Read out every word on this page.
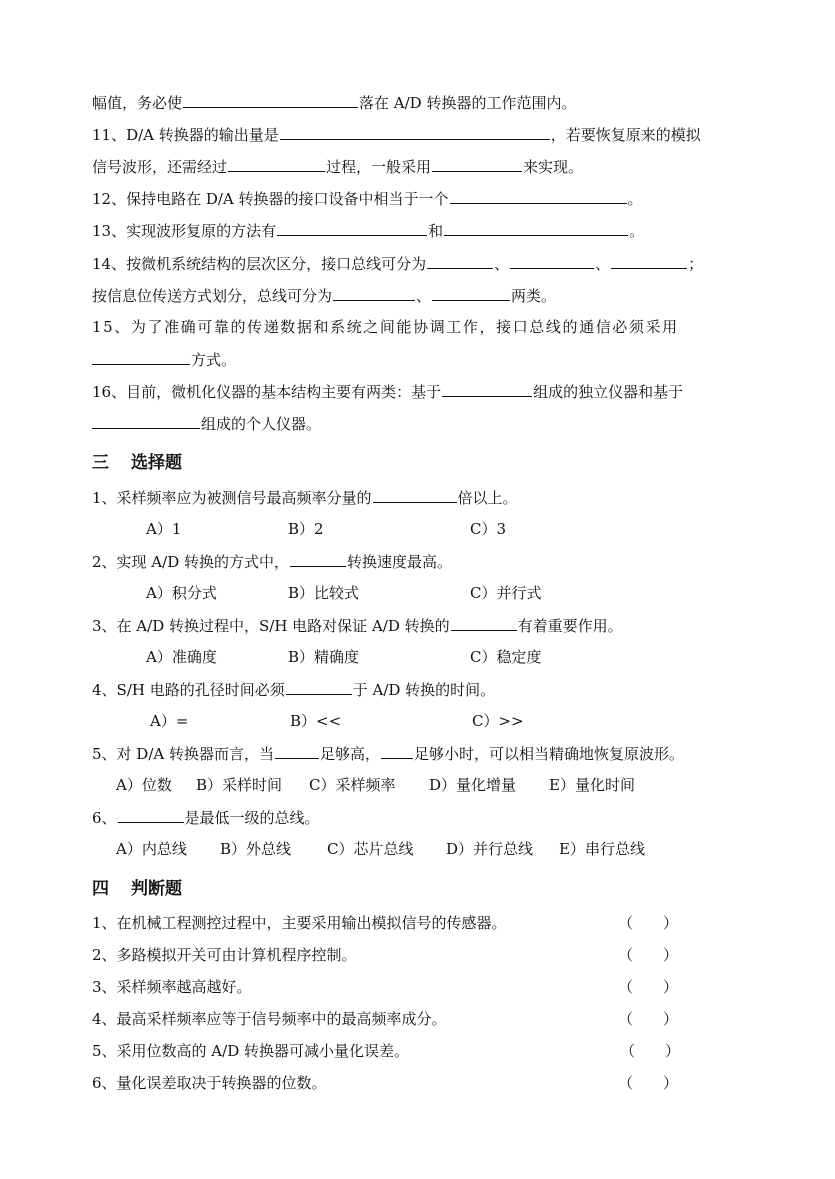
幅值，务必使	落在 A/D 转换器的工作范围内。
11、D/A 转换器的输出量是	，若要恢复原来的模拟
信号波形，还需经过	过程，一般采用	来实现。
12、保持电路在 D/A 转换器的接口设备中相当于一个	。
13、实现波形复原的方法有	和	。
14、按微机系统结构的层次区分，接口总线可分为	、	、	；
按信息位传送方式划分，总线可分为	、	两类。
15、为了准确可靠的传递数据和系统之间能协调工作，接口总线的通信必须采用
方式。
16、目前，微机化仪器的基本结构主要有两类：基于	组成的独立仪器和基于
组成的个人仪器。
三 选择题
1、采样频率应为被测信号最高频率分量的	倍以上。
A）1	B）2	C）3
2、实现 A/D 转换的方式中，	转换速度最高。
A）积分式	B）比较式	C）并行式
3、在 A/D 转换过程中，S/H 电路对保证 A/D 转换的	有着重要作用。
A）准确度	B）精确度	C）稳定度
4、S/H 电路的孔径时间必须	于 A/D 转换的时间。
A）=	B）<<	C）>>
5、对 D/A 转换器而言，当	足够高， 足够小时，可以相当精确地恢复原波形。
A）位数 B）采样时间 C）采样频率 D）量化增量 E）量化时间
6、	是最低一级的总线。
A）内总线 B）外总线 C）芯片总线 D）并行总线 E）串行总线
四 判断题
1、在机械工程测控过程中，主要采用输出模拟信号的传感器。	（　　）
2、多路模拟开关可由计算机程序控制。	（　　）
3、采样频率越高越好。	（　　）
4、最高采样频率应等于信号频率中的最高频率成分。	（　　）
5、采用位数高的 A/D 转换器可减小量化误差。	（　　）
6、量化误差取决于转换器的位数。	（　　）
